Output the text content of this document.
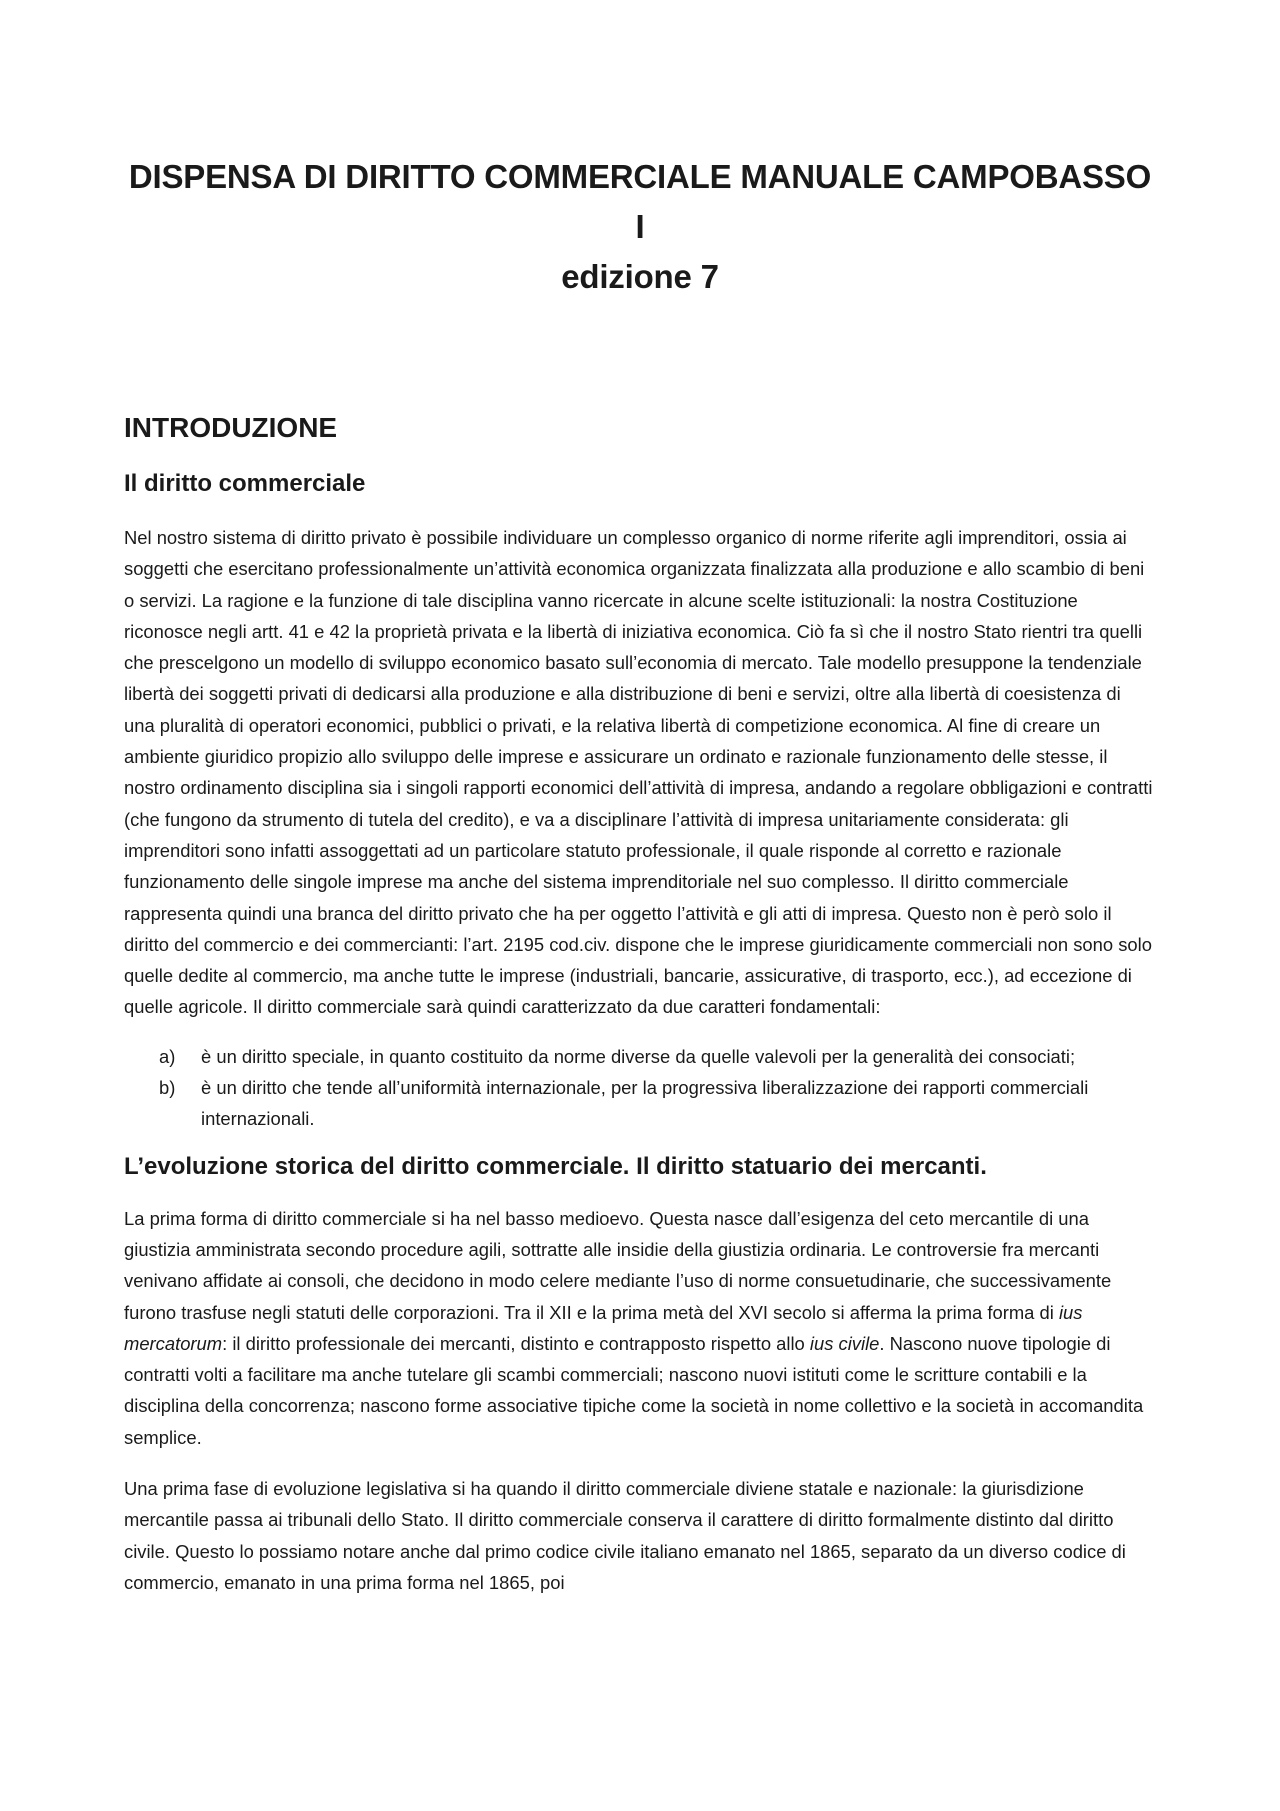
DISPENSA DI DIRITTO COMMERCIALE MANUALE CAMPOBASSO I
edizione 7
INTRODUZIONE
Il diritto commerciale

Nel nostro sistema di diritto privato è possibile individuare un complesso organico di norme riferite agli imprenditori, ossia ai soggetti che esercitano professionalmente un’attività economica organizzata finalizzata alla produzione e allo scambio di beni o servizi. La ragione e la funzione di tale disciplina vanno ricercate in alcune scelte istituzionali: la nostra Costituzione riconosce negli artt. 41 e 42 la proprietà privata e la libertà di iniziativa economica. Ciò fa sì che il nostro Stato rientri tra quelli che prescelgono un modello di sviluppo economico basato sull’economia di mercato. Tale modello presuppone la tendenziale libertà dei soggetti privati di dedicarsi alla produzione e alla distribuzione di beni e servizi, oltre alla libertà di coesistenza di una pluralità di operatori economici, pubblici o privati, e la relativa libertà di competizione economica. Al fine di creare un ambiente giuridico propizio allo sviluppo delle imprese e assicurare un ordinato e razionale funzionamento delle stesse, il nostro ordinamento disciplina sia i singoli rapporti economici dell’attività di impresa, andando a regolare obbligazioni e contratti (che fungono da strumento di tutela del credito), e va a disciplinare l’attività di impresa unitariamente considerata: gli imprenditori sono infatti assoggettati ad un particolare statuto professionale, il quale risponde al corretto e razionale funzionamento delle singole imprese ma anche del sistema imprenditoriale nel suo complesso. Il diritto commerciale rappresenta quindi una branca del diritto privato che ha per oggetto l’attività e gli atti di impresa. Questo non è però solo il diritto del commercio e dei commercianti: l’art. 2195 cod.civ. dispone che le imprese giuridicamente commerciali non sono solo quelle dedite al commercio, ma anche tutte le imprese (industriali, bancarie, assicurative, di trasporto, ecc.), ad eccezione di quelle agricole. Il diritto commerciale sarà quindi caratterizzato da due caratteri fondamentali:

a) è un diritto speciale, in quanto costituito da norme diverse da quelle valevoli per la generalità dei consociati;
b) è un diritto che tende all’uniformità internazionale, per la progressiva liberalizzazione dei rapporti commerciali internazionali.
L’evoluzione storica del diritto commerciale. Il diritto statuario dei mercanti.

La prima forma di diritto commerciale si ha nel basso medioevo. Questa nasce dall’esigenza del ceto mercantile di una giustizia amministrata secondo procedure agili, sottratte alle insidie della giustizia ordinaria. Le controversie fra mercanti venivano affidate ai consoli, che decidono in modo celere mediante l’uso di norme consuetudinarie, che successivamente furono trasfuse negli statuti delle corporazioni. Tra il XII e la prima metà del XVI secolo si afferma la prima forma di ius mercatorum: il diritto professionale dei mercanti, distinto e contrapposto rispetto allo ius civile. Nascono nuove tipologie di contratti volti a facilitare ma anche tutelare gli scambi commerciali; nascono nuovi istituti come le scritture contabili e la disciplina della concorrenza; nascono forme associative tipiche come la società in nome collettivo e la società in accomandita semplice.

Una prima fase di evoluzione legislativa si ha quando il diritto commerciale diviene statale e nazionale: la giurisdizione mercantile passa ai tribunali dello Stato. Il diritto commerciale conserva il carattere di diritto formalmente distinto dal diritto civile. Questo lo possiamo notare anche dal primo codice civile italiano emanato nel 1865, separato da un diverso codice di commercio, emanato in una prima forma nel 1865, poi
